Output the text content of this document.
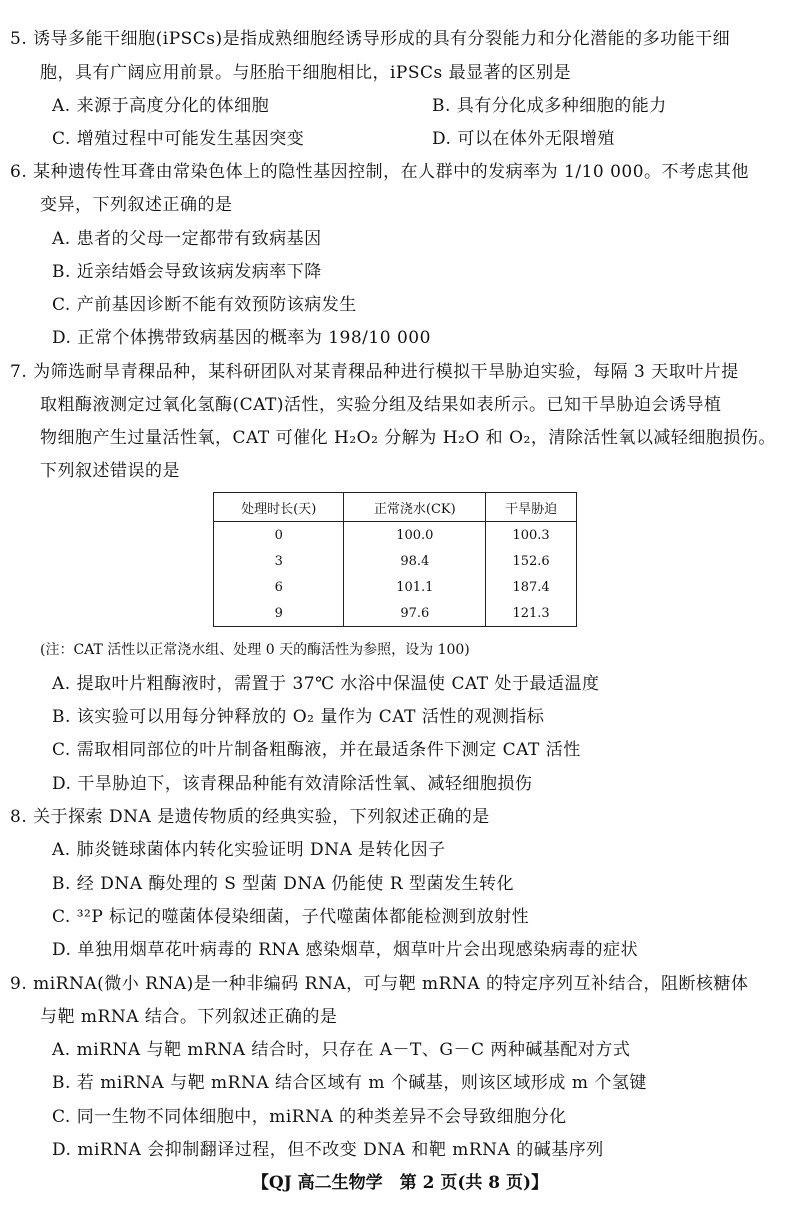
5. 诱导多能干细胞(iPSCs)是指成熟细胞经诱导形成的具有分裂能力和分化潜能的多功能干细
胞，具有广阔应用前景。与胚胎干细胞相比，iPSCs 最显著的区别是
A. 来源于高度分化的体细胞	B. 具有分化成多种细胞的能力
C. 增殖过程中可能发生基因突变	D. 可以在体外无限增殖
6. 某种遗传性耳聋由常染色体上的隐性基因控制，在人群中的发病率为 1/10 000。不考虑其他
变异，下列叙述正确的是
A. 患者的父母一定都带有致病基因
B. 近亲结婚会导致该病发病率下降
C. 产前基因诊断不能有效预防该病发生
D. 正常个体携带致病基因的概率为 198/10 000
7. 为筛选耐旱青稞品种，某科研团队对某青稞品种进行模拟干旱胁迫实验，每隔 3 天取叶片提
取粗酶液测定过氧化氢酶(CAT)活性，实验分组及结果如表所示。已知干旱胁迫会诱导植
物细胞产生过量活性氧，CAT 可催化 H₂O₂ 分解为 H₂O 和 O₂，清除活性氧以减轻细胞损伤。
下列叙述错误的是
处理时长(天)	正常浇水(CK)	干旱胁迫
0	100.0	100.3
3	98.4	152.6
6	101.1	187.4
9	97.6	121.3
(注：CAT 活性以正常浇水组、处理 0 天的酶活性为参照，设为 100)
A. 提取叶片粗酶液时，需置于 37℃ 水浴中保温使 CAT 处于最适温度
B. 该实验可以用每分钟释放的 O₂ 量作为 CAT 活性的观测指标
C. 需取相同部位的叶片制备粗酶液，并在最适条件下测定 CAT 活性
D. 干旱胁迫下，该青稞品种能有效清除活性氧、减轻细胞损伤
8. 关于探索 DNA 是遗传物质的经典实验，下列叙述正确的是
A. 肺炎链球菌体内转化实验证明 DNA 是转化因子
B. 经 DNA 酶处理的 S 型菌 DNA 仍能使 R 型菌发生转化
C. ³²P 标记的噬菌体侵染细菌，子代噬菌体都能检测到放射性
D. 单独用烟草花叶病毒的 RNA 感染烟草，烟草叶片会出现感染病毒的症状
9. miRNA(微小 RNA)是一种非编码 RNA，可与靶 mRNA 的特定序列互补结合，阻断核糖体
与靶 mRNA 结合。下列叙述正确的是
A. miRNA 与靶 mRNA 结合时，只存在 A－T、G－C 两种碱基配对方式
B. 若 miRNA 与靶 mRNA 结合区域有 m 个碱基，则该区域形成 m 个氢键
C. 同一生物不同体细胞中，miRNA 的种类差异不会导致细胞分化
D. miRNA 会抑制翻译过程，但不改变 DNA 和靶 mRNA 的碱基序列
【QJ 高二生物学　第 2 页(共 8 页)】
